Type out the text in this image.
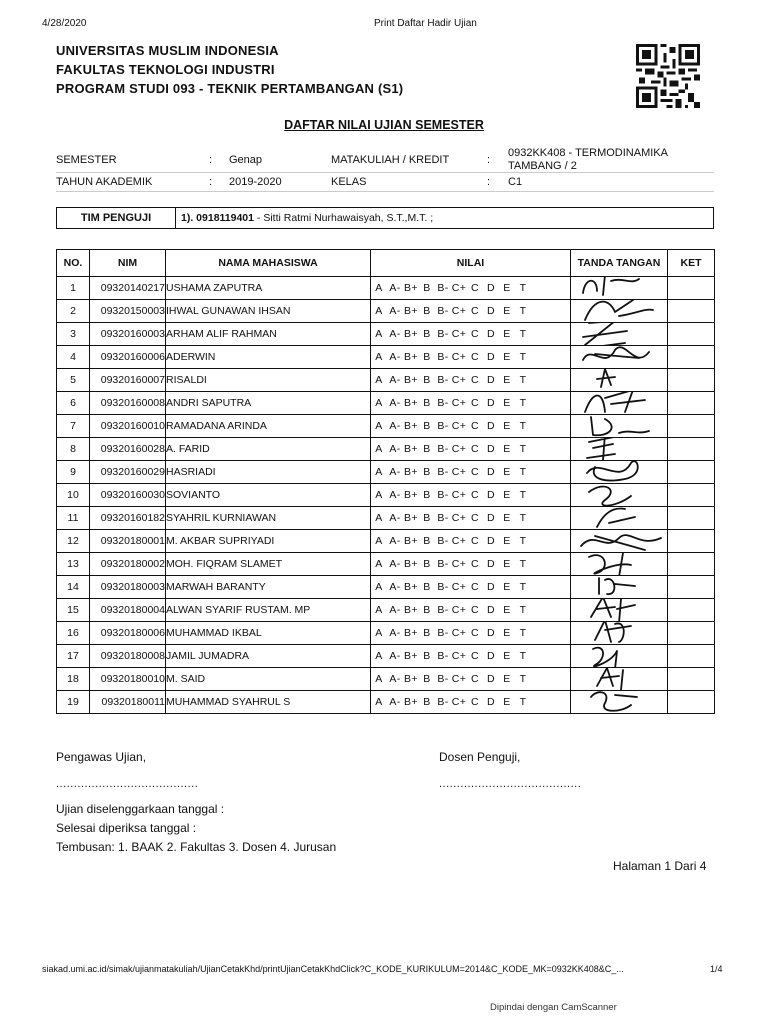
4/28/2020	Print Daftar Hadir Ujian
UNIVERSITAS MUSLIM INDONESIA
FAKULTAS TEKNOLOGI INDUSTRI
PROGRAM STUDI 093 - TEKNIK PERTAMBANGAN (S1)
DAFTAR NILAI UJIAN SEMESTER
SEMESTER	: Genap	MATAKULIAH / KREDIT	:
0932KK408 - TERMODINAMIKA
TAMBANG / 2
TAHUN AKADEMIK	: 2019-2020	KELAS	: C1
TIM PENGUJI	1). 0918119401 - Sitti Ratmi Nurhawaisyah, S.T.,M.T. ;
NO.	NIM	NAMA MAHASISWA	NILAI	TANDA TANGAN	KET
1	09320140217	USHAMA ZAPUTRA	A A- B+ B B- C+ C D E T	

2	09320150003	IHWAL GUNAWAN IHSAN	A A- B+ B B- C+ C D E T	

3	09320160003	ARHAM ALIF RAHMAN	A A- B+ B B- C+ C D E T	

4	09320160006	ADERWIN	A A- B+ B B- C+ C D E T	

5	09320160007	RISALDI	A A- B+ B B- C+ C D E T	

6	09320160008	ANDRI SAPUTRA	A A- B+ B B- C+ C D E T	

7	09320160010	RAMADANA ARINDA	A A- B+ B B- C+ C D E T	

8	09320160028	A. FARID	A A- B+ B B- C+ C D E T	

9	09320160029	HASRIADI	A A- B+ B B- C+ C D E T	

10	09320160030	SOVIANTO	A A- B+ B B- C+ C D E T	

11	09320160182	SYAHRIL KURNIAWAN	A A- B+ B B- C+ C D E T	

12	09320180001	M. AKBAR SUPRIYADI	A A- B+ B B- C+ C D E T	

13	09320180002	MOH. FIQRAM SLAMET	A A- B+ B B- C+ C D E T	

14	09320180003	MARWAH BARANTY	A A- B+ B B- C+ C D E T	

15	09320180004	ALWAN SYARIF RUSTAM. MP	A A- B+ B B- C+ C D E T	

16	09320180006	MUHAMMAD IKBAL	A A- B+ B B- C+ C D E T	

17	09320180008	JAMIL JUMADRA	A A- B+ B B- C+ C D E T	

18	09320180010	M. SAID	A A- B+ B B- C+ C D E T	

19	09320180011	MUHAMMAD SYAHRUL S	A A- B+ B B- C+ C D E T	

Pengawas Ujian,	Dosen Penguji,
........................................	........................................
Ujian diselenggarkaan tanggal :
Selesai diperiksa tanggal :
Tembusan: 1. BAAK 2. Fakultas 3. Dosen 4. Jurusan
Halaman 1 Dari 4
siakad.umi.ac.id/simak/ujianmatakuliah/UjianCetakKhd/printUjianCetakKhdClick?C_KODE_KURIKULUM=2014&C_KODE_MK=0932KK408&C_...	1/4
Dipindai dengan CamScanner
